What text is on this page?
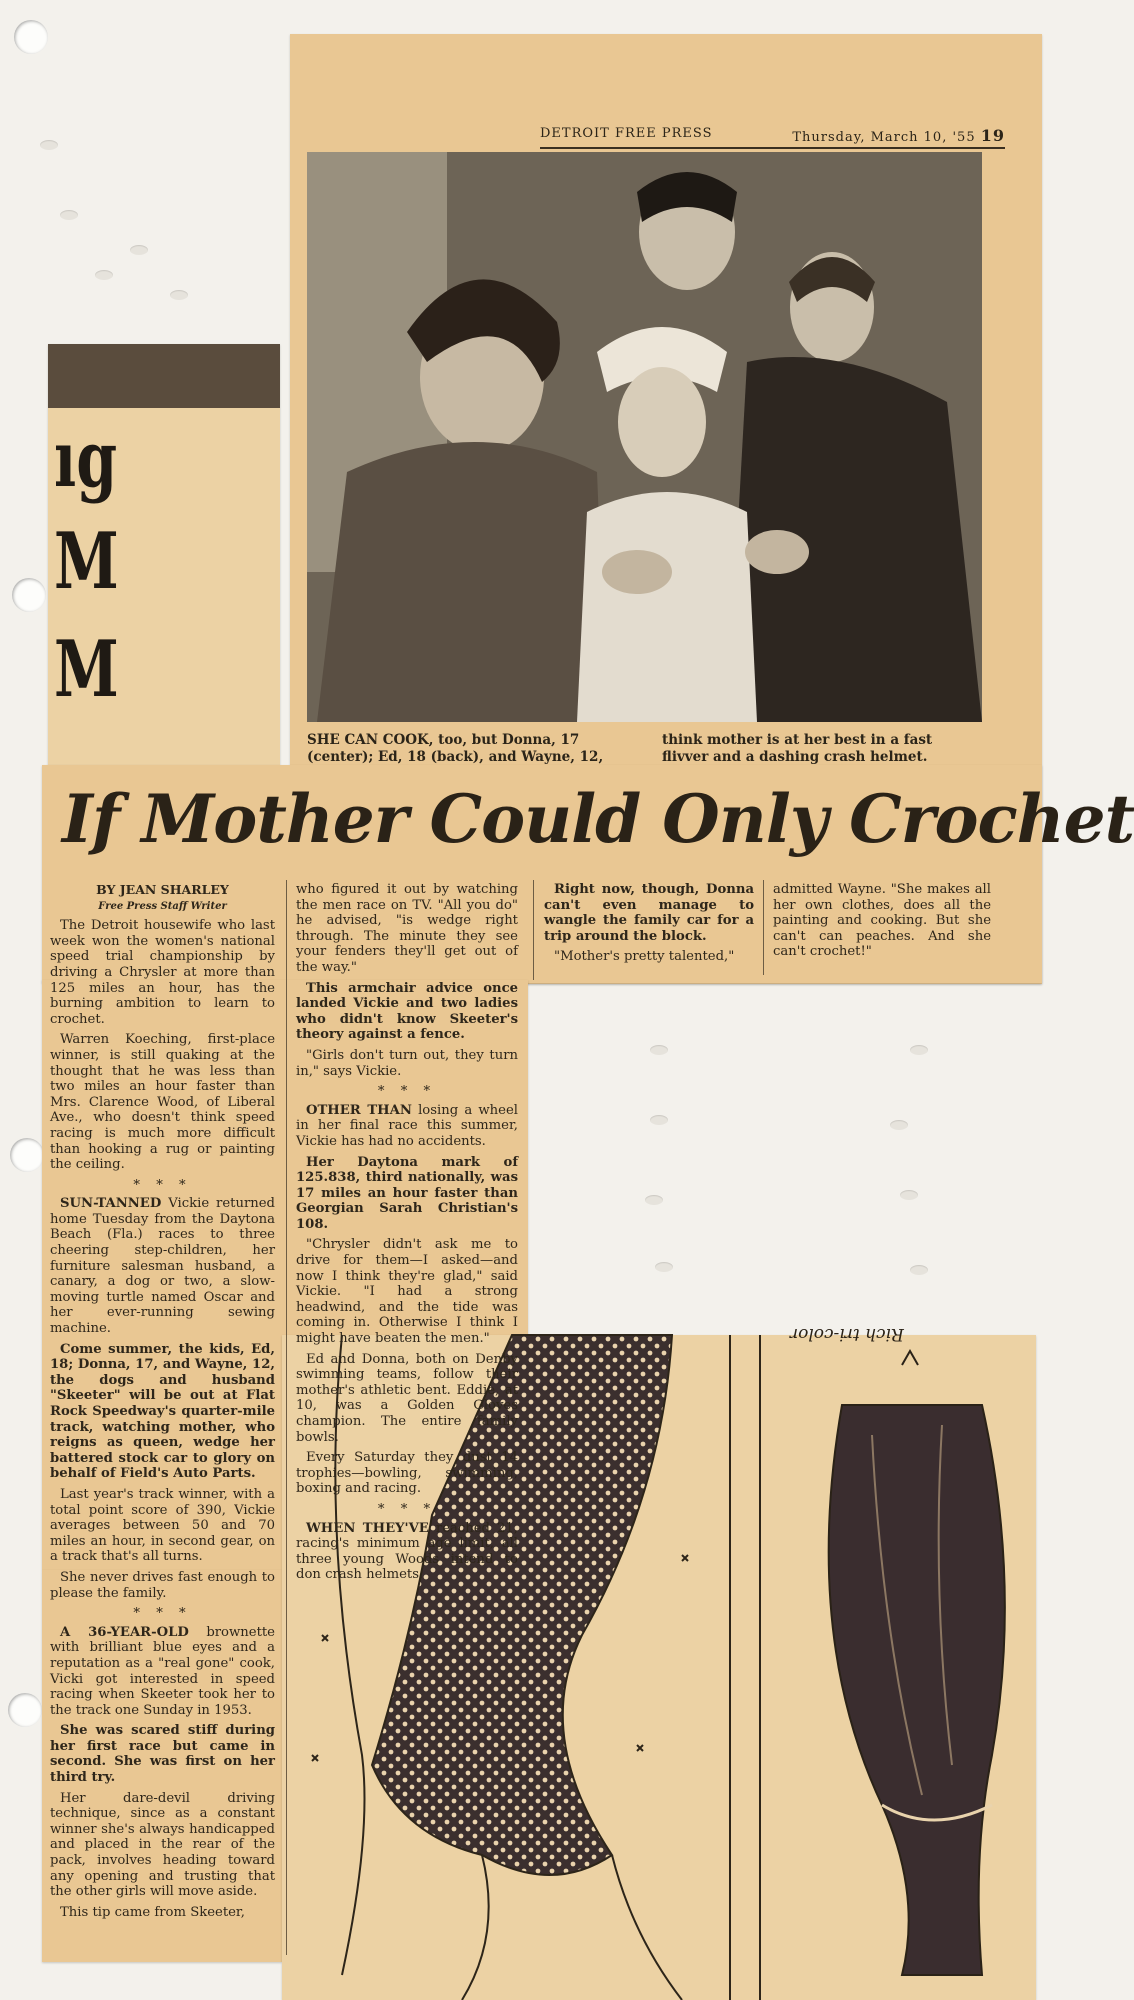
ıg
M
M
Rich tri-color
DETROIT FREE PRESS	Thursday, March 10, '55 19
SHE CAN COOK, too, but Donna, 17 (center); Ed, 18 (back), and Wayne, 12,
think mother is at her best in a fast flivver and a dashing crash helmet.
If Mother Could Only Crochet
BY JEAN SHARLEY
Free Press Staff Writer

The Detroit housewife who last week won the women's national speed trial championship by driving a Chrysler at more than 125 miles an hour, has the burning ambition to learn to crochet.

Warren Koeching, first-place winner, is still quaking at the thought that he was less than two miles an hour faster than Mrs. Clarence Wood, of Liberal Ave., who doesn't think speed racing is much more difficult than hooking a rug or painting the ceiling.

* * *

SUN-TANNED Vickie returned home Tuesday from the Daytona Beach (Fla.) races to three cheering step-children, her furniture salesman husband, a canary, a dog or two, a slow-moving turtle named Oscar and her ever-running sewing machine.

Come summer, the kids, Ed, 18; Donna, 17, and Wayne, 12, the dogs and husband "Skeeter" will be out at Flat Rock Speedway's quarter-mile track, watching mother, who reigns as queen, wedge her battered stock car to glory on behalf of Field's Auto Parts.

Last year's track winner, with a total point score of 390, Vickie averages between 50 and 70 miles an hour, in second gear, on a track that's all turns.

She never drives fast enough to please the family.

* * *

A 36-YEAR-OLD brownette with brilliant blue eyes and a reputation as a "real gone" cook, Vicki got interested in speed racing when Skeeter took her to the track one Sunday in 1953.

She was scared stiff during her first race but came in second. She was first on her third try.

Her dare-devil driving technique, since as a constant winner she's always handicapped and placed in the rear of the pack, involves heading toward any opening and trusting that the other girls will move aside.

This tip came from Skeeter,

who figured it out by watching the men race on TV. "All you do" he advised, "is wedge right through. The minute they see your fenders they'll get out of the way."

This armchair advice once landed Vickie and two ladies who didn't know Skeeter's theory against a fence.

"Girls don't turn out, they turn in," says Vickie.

* * *

OTHER THAN losing a wheel in her final race this summer, Vickie has had no accidents.

Her Daytona mark of 125.838, third nationally, was 17 miles an hour faster than Georgian Sarah Christian's 108.

"Chrysler didn't ask me to drive for them—I asked—and now I think they're glad," said Vickie. "I had a strong headwind, and the tide was coming in. Otherwise I think I might have beaten the men."

Ed and Donna, both on Denby swimming teams, follow their mother's athletic bent. Eddie, at 10, was a Golden Gloves champion. The entire family bowls.

Every Saturday they dust 14 trophies—bowling, swimming, boxing and racing.

* * *

WHEN THEY'VE reached 21, racing's minimum age limit, all three young Woods intend to don crash helmets.

Right now, though, Donna can't even manage to wangle the family car for a trip around the block.

"Mother's pretty talented,"

admitted Wayne. "She makes all her own clothes, does all the painting and cooking. But she can't can peaches. And she can't crochet!"
